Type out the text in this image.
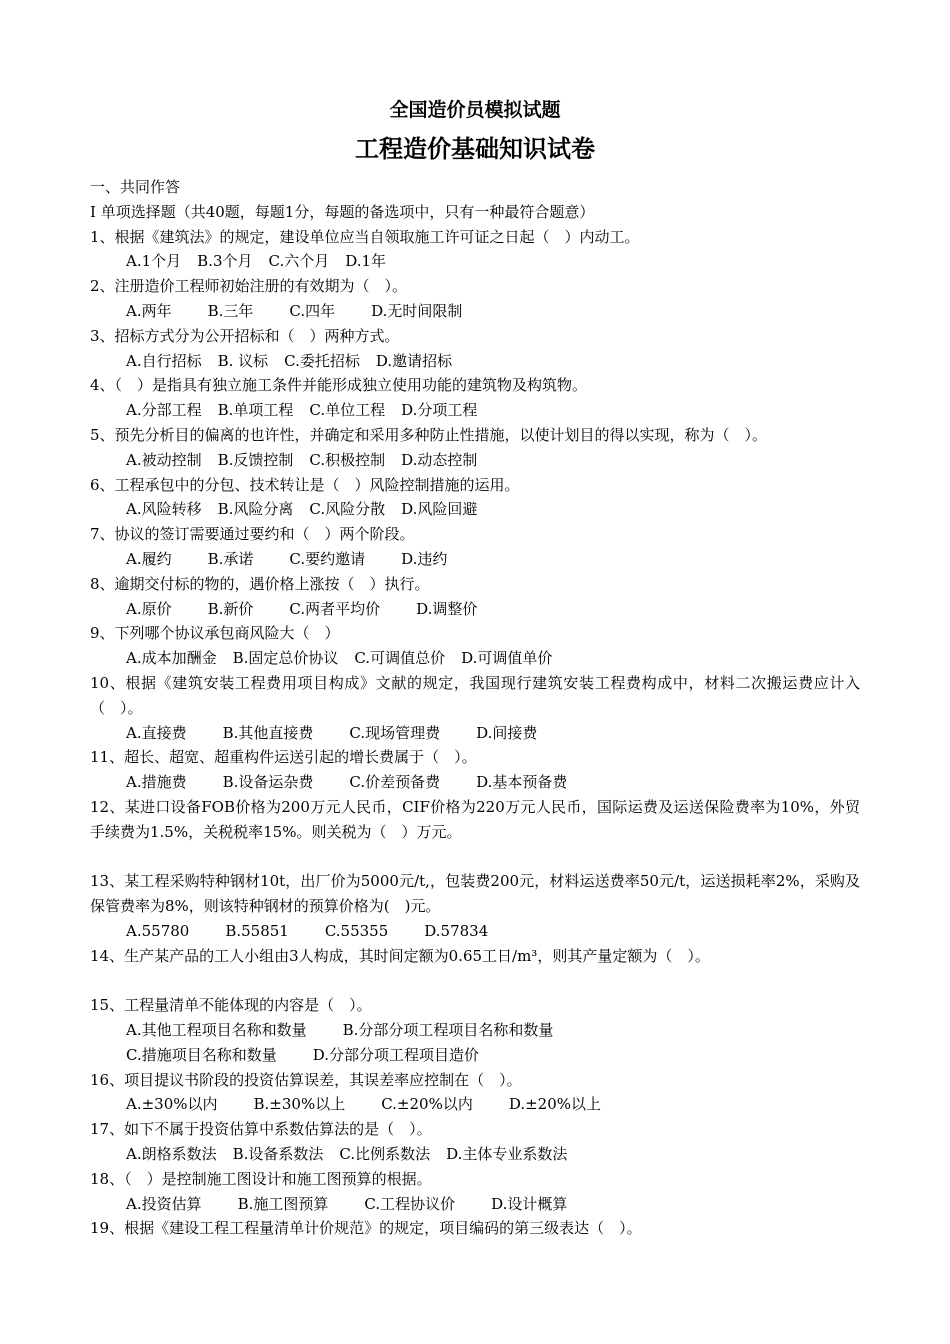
全国造价员模拟试题
工程造价基础知识试卷
一、共同作答
Ⅰ 单项选择题（共40题，每题1分，每题的备选项中，只有一种最符合题意）
1、根据《建筑法》的规定，建设单位应当自领取施工许可证之日起（　）内动工。
A.1个月 B.3个月 C.六个月 D.1年
2、注册造价工程师初始注册的有效期为（　）。
A.两年 B.三年 C.四年 D.无时间限制
3、招标方式分为公开招标和（　）两种方式。
A.自行招标 B. 议标 C.委托招标 D.邀请招标
4、（　）是指具有独立施工条件并能形成独立使用功能的建筑物及构筑物。
A.分部工程 B.单项工程 C.单位工程 D.分项工程
5、预先分析目的偏离的也许性，并确定和采用多种防止性措施，以使计划目的得以实现，称为（　）。
A.被动控制 B.反馈控制 C.积极控制 D.动态控制
6、工程承包中的分包、技术转让是（　）风险控制措施的运用。
A.风险转移 B.风险分离 C.风险分散 D.风险回避
7、协议的签订需要通过要约和（　）两个阶段。
A.履约 B.承诺 C.要约邀请 D.违约
8、逾期交付标的物的，遇价格上涨按（　）执行。
A.原价 B.新价 C.两者平均价 D.调整价
9、下列哪个协议承包商风险大（　）
A.成本加酬金 B.固定总价协议 C.可调值总价 D.可调值单价
10、根据《建筑安装工程费用项目构成》文献的规定，我国现行建筑安装工程费构成中，材料二次搬运费应计入（　）。
A.直接费 B.其他直接费 C.现场管理费 D.间接费
11、超长、超宽、超重构件运送引起的增长费属于（　）。
A.措施费 B.设备运杂费 C.价差预备费 D.基本预备费
12、某进口设备FOB价格为200万元人民币，CIF价格为220万元人民币，国际运费及运送保险费率为10%，外贸手续费为1.5%，关税税率15%。则关税为（　）万元。
13、某工程采购特种钢材10t，出厂价为5000元/t,，包装费200元，材料运送费率50元/t，运送损耗率2%，采购及保管费率为8%，则该特种钢材的预算价格为(　)元。
A.55780 B.55851 C.55355 D.57834
14、生产某产品的工人小组由3人构成，其时间定额为0.65工日/m³，则其产量定额为（　）。
15、工程量清单不能体现的内容是（　）。
A.其他工程项目名称和数量 B.分部分项工程项目名称和数量
C.措施项目名称和数量 D.分部分项工程项目造价
16、项目提议书阶段的投资估算误差，其误差率应控制在（　）。
A.±30%以内 B.±30%以上 C.±20%以内 D.±20%以上
17、如下不属于投资估算中系数估算法的是（　）。
A.朗格系数法 B.设备系数法 C.比例系数法 D.主体专业系数法
18、（　）是控制施工图设计和施工图预算的根据。
A.投资估算 B.施工图预算 C.工程协议价 D.设计概算
19、根据《建设工程工程量清单计价规范》的规定，项目编码的第三级表达（　）。
